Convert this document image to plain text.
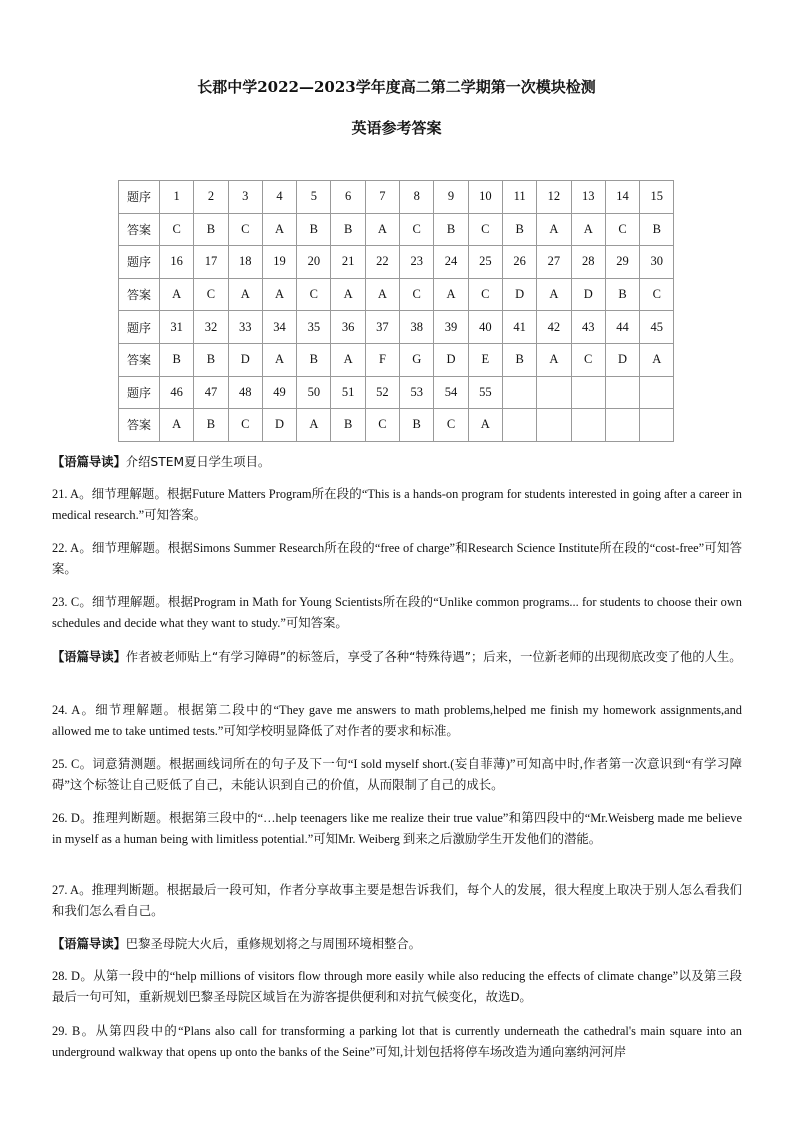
长郡中学2022—2023学年度高二第二学期第一次模块检测
英语参考答案
题序	1	2	3	4	5	6	7	8	9	10	11	12	13	14	15
答案	C	B	C	A	B	B	A	C	B	C	B	A	A	C	B
题序	16	17	18	19	20	21	22	23	24	25	26	27	28	29	30
答案	A	C	A	A	C	A	A	C	A	C	D	A	D	B	C
题序	31	32	33	34	35	36	37	38	39	40	41	42	43	44	45
答案	B	B	D	A	B	A	F	G	D	E	B	A	C	D	A
题序	46	47	48	49	50	51	52	53	54	55					
答案	A	B	C	D	A	B	C	B	C	A					
【语篇导读】介绍STEM夏日学生项目。
21. A。细节理解题。根据Future Matters Program所在段的“This is a hands-on program for students interested in going after a career in medical research.”可知答案。
22. A。细节理解题。根据Simons Summer Research所在段的“free of charge”和Research Science Institute所在段的“cost-free”可知答案。
23. C。细节理解题。根据Program in Math for Young Scientists所在段的“Unlike common programs... for students to choose their own schedules and decide what they want to study.”可知答案。
【语篇导读】作者被老师贴上“有学习障碍”的标签后，享受了各种“特殊待遇”；后来，一位新老师的出现彻底改变了他的人生。
24. A。细节理解题。根据第二段中的“They gave me answers to math problems,helped me finish my homework assignments,and allowed me to take untimed tests.”可知学校明显降低了对作者的要求和标准。
25. C。词意猜测题。根据画线词所在的句子及下一句“I sold myself short.(妄自菲薄)”可知高中时,作者第一次意识到“有学习障碍”这个标签让自己贬低了自己，未能认识到自己的价值，从而限制了自己的成长。
26. D。推理判断题。根据第三段中的“…help teenagers like me realize their true value”和第四段中的“Mr.Weisberg made me believe in myself as a human being with limitless potential.”可知Mr. Weiberg 到来之后激励学生开发他们的潜能。
27. A。推理判断题。根据最后一段可知，作者分享故事主要是想告诉我们，每个人的发展，很大程度上取决于别人怎么看我们和我们怎么看自己。
【语篇导读】巴黎圣母院大火后，重修规划将之与周围环境相整合。
28. D。从第一段中的“help millions of visitors flow through more easily while also reducing the effects of climate change”以及第三段最后一句可知，重新规划巴黎圣母院区域旨在为游客提供便利和对抗气候变化，故选D。
29. B。从第四段中的“Plans also call for transforming a parking lot that is currently underneath the cathedral's main square into an underground walkway that opens up onto the banks of the Seine”可知,计划包括将停车场改造为通向塞纳河河岸
